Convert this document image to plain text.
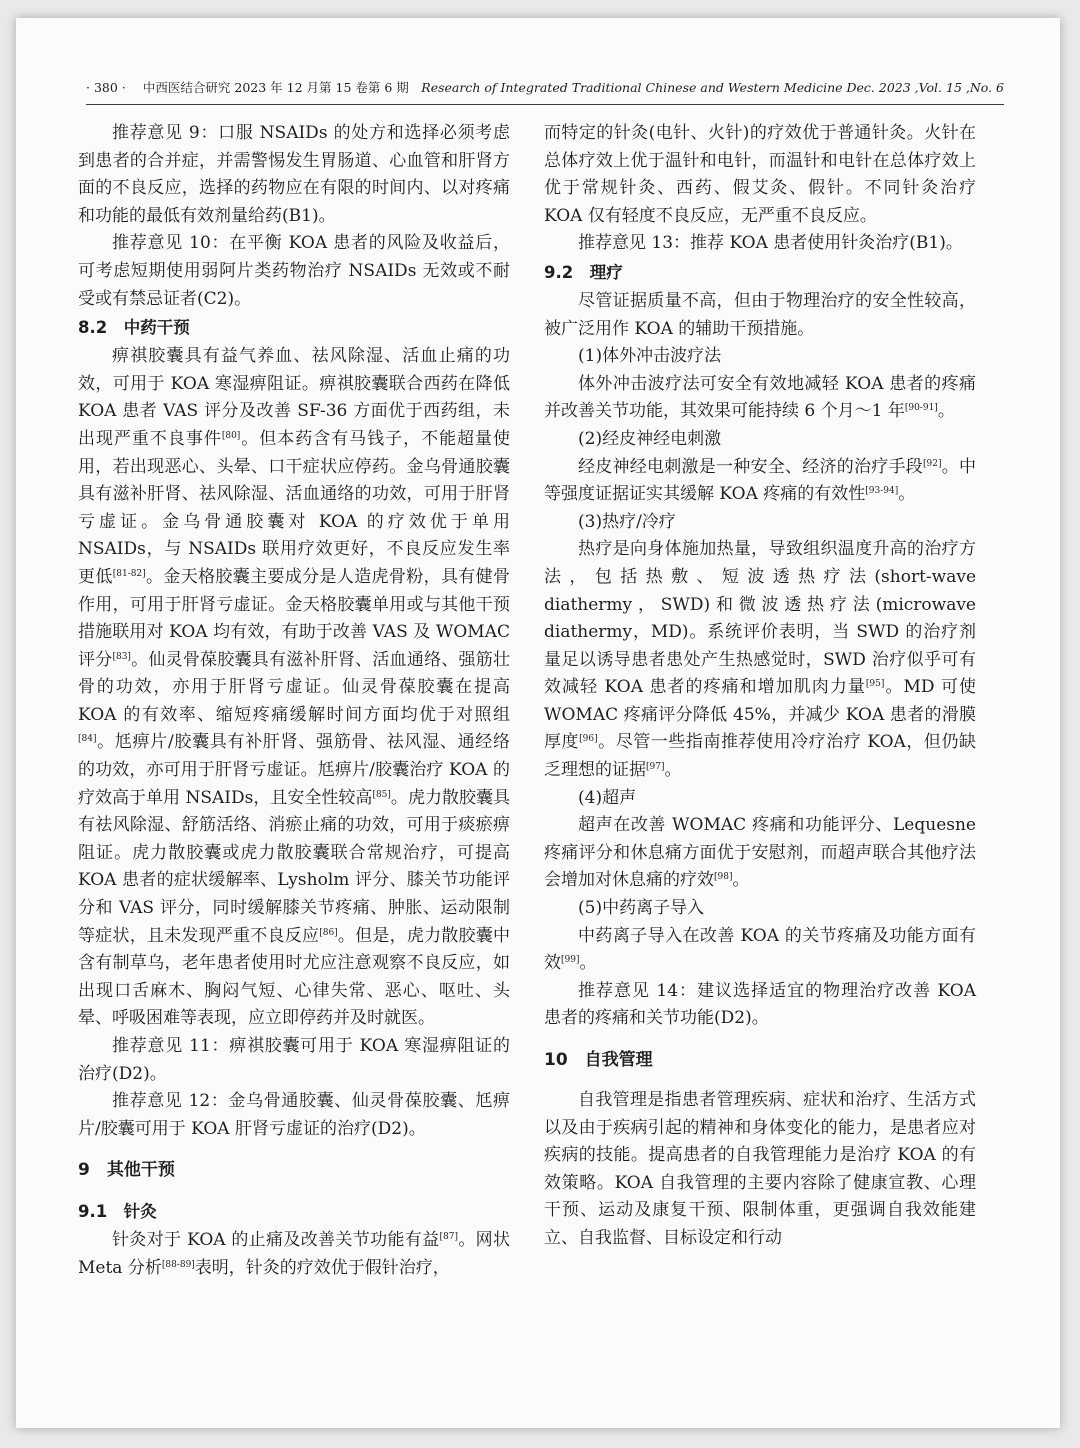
· 380 · 中西医结合研究 2023 年 12 月第 15 卷第 6 期　 Research of Integrated Traditional Chinese and Western Medicine Dec. 2023 ,Vol. 15 ,No. 6

推荐意见 9：口服 NSAIDs 的处方和选择必须考虑到患者的合并症，并需警惕发生胃肠道、心血管和肝肾方面的不良反应，选择的药物应在有限的时间内、以对疼痛和功能的最低有效剂量给药(B1)。

推荐意见 10：在平衡 KOA 患者的风险及收益后，可考虑短期使用弱阿片类药物治疗 NSAIDs 无效或不耐受或有禁忌证者(C2)。

8.2　中药干预

痹祺胶囊具有益气养血、祛风除湿、活血止痛的功效，可用于 KOA 寒湿痹阻证。痹祺胶囊联合西药在降低 KOA 患者 VAS 评分及改善 SF-36 方面优于西药组，未出现严重不良事件[80]。但本药含有马钱子，不能超量使用，若出现恶心、头晕、口干症状应停药。金乌骨通胶囊具有滋补肝肾、祛风除湿、活血通络的功效，可用于肝肾亏虚证。金乌骨通胶囊对 KOA 的疗效优于单用 NSAIDs，与 NSAIDs 联用疗效更好，不良反应发生率更低[81-82]。金天格胶囊主要成分是人造虎骨粉，具有健骨作用，可用于肝肾亏虚证。金天格胶囊单用或与其他干预措施联用对 KOA 均有效，有助于改善 VAS 及 WOMAC 评分[83]。仙灵骨葆胶囊具有滋补肝肾、活血通络、强筋壮骨的功效，亦用于肝肾亏虚证。仙灵骨葆胶囊在提高 KOA 的有效率、缩短疼痛缓解时间方面均优于对照组[84]。尪痹片/胶囊具有补肝肾、强筋骨、祛风湿、通经络的功效，亦可用于肝肾亏虚证。尪痹片/胶囊治疗 KOA 的疗效高于单用 NSAIDs，且安全性较高[85]。虎力散胶囊具有祛风除湿、舒筋活络、消瘀止痛的功效，可用于痰瘀痹阻证。虎力散胶囊或虎力散胶囊联合常规治疗，可提高 KOA 患者的症状缓解率、Lysholm 评分、膝关节功能评分和 VAS 评分，同时缓解膝关节疼痛、肿胀、运动限制等症状，且未发现严重不良反应[86]。但是，虎力散胶囊中含有制草乌，老年患者使用时尤应注意观察不良反应，如出现口舌麻木、胸闷气短、心律失常、恶心、呕吐、头晕、呼吸困难等表现，应立即停药并及时就医。

推荐意见 11：痹祺胶囊可用于 KOA 寒湿痹阻证的治疗(D2)。

推荐意见 12：金乌骨通胶囊、仙灵骨葆胶囊、尪痹片/胶囊可用于 KOA 肝肾亏虚证的治疗(D2)。

9　其他干预
9.1　针灸

针灸对于 KOA 的止痛及改善关节功能有益[87]。网状 Meta 分析[88-89]表明，针灸的疗效优于假针治疗，

而特定的针灸(电针、火针)的疗效优于普通针灸。火针在总体疗效上优于温针和电针，而温针和电针在总体疗效上优于常规针灸、西药、假艾灸、假针。不同针灸治疗 KOA 仅有轻度不良反应，无严重不良反应。

推荐意见 13：推荐 KOA 患者使用针灸治疗(B1)。

9.2　理疗

尽管证据质量不高，但由于物理治疗的安全性较高，被广泛用作 KOA 的辅助干预措施。

(1)体外冲击波疗法

体外冲击波疗法可安全有效地减轻 KOA 患者的疼痛并改善关节功能，其效果可能持续 6 个月～1 年[90-91]。

(2)经皮神经电刺激

经皮神经电刺激是一种安全、经济的治疗手段[92]。中等强度证据证实其缓解 KOA 疼痛的有效性[93-94]。

(3)热疗/冷疗

热疗是向身体施加热量，导致组织温度升高的治疗方法，包括热敷、短波透热疗法(short-wave diathermy，SWD)和微波透热疗法(microwave diathermy，MD)。系统评价表明，当 SWD 的治疗剂量足以诱导患者患处产生热感觉时，SWD 治疗似乎可有效减轻 KOA 患者的疼痛和增加肌肉力量[95]。MD 可使 WOMAC 疼痛评分降低 45%，并减少 KOA 患者的滑膜厚度[96]。尽管一些指南推荐使用冷疗治疗 KOA，但仍缺乏理想的证据[97]。

(4)超声

超声在改善 WOMAC 疼痛和功能评分、Lequesne 疼痛评分和休息痛方面优于安慰剂，而超声联合其他疗法会增加对休息痛的疗效[98]。

(5)中药离子导入

中药离子导入在改善 KOA 的关节疼痛及功能方面有效[99]。

推荐意见 14：建议选择适宜的物理治疗改善 KOA 患者的疼痛和关节功能(D2)。

10　自我管理

自我管理是指患者管理疾病、症状和治疗、生活方式以及由于疾病引起的精神和身体变化的能力，是患者应对疾病的技能。提高患者的自我管理能力是治疗 KOA 的有效策略。KOA 自我管理的主要内容除了健康宣教、心理干预、运动及康复干预、限制体重，更强调自我效能建立、自我监督、目标设定和行动
